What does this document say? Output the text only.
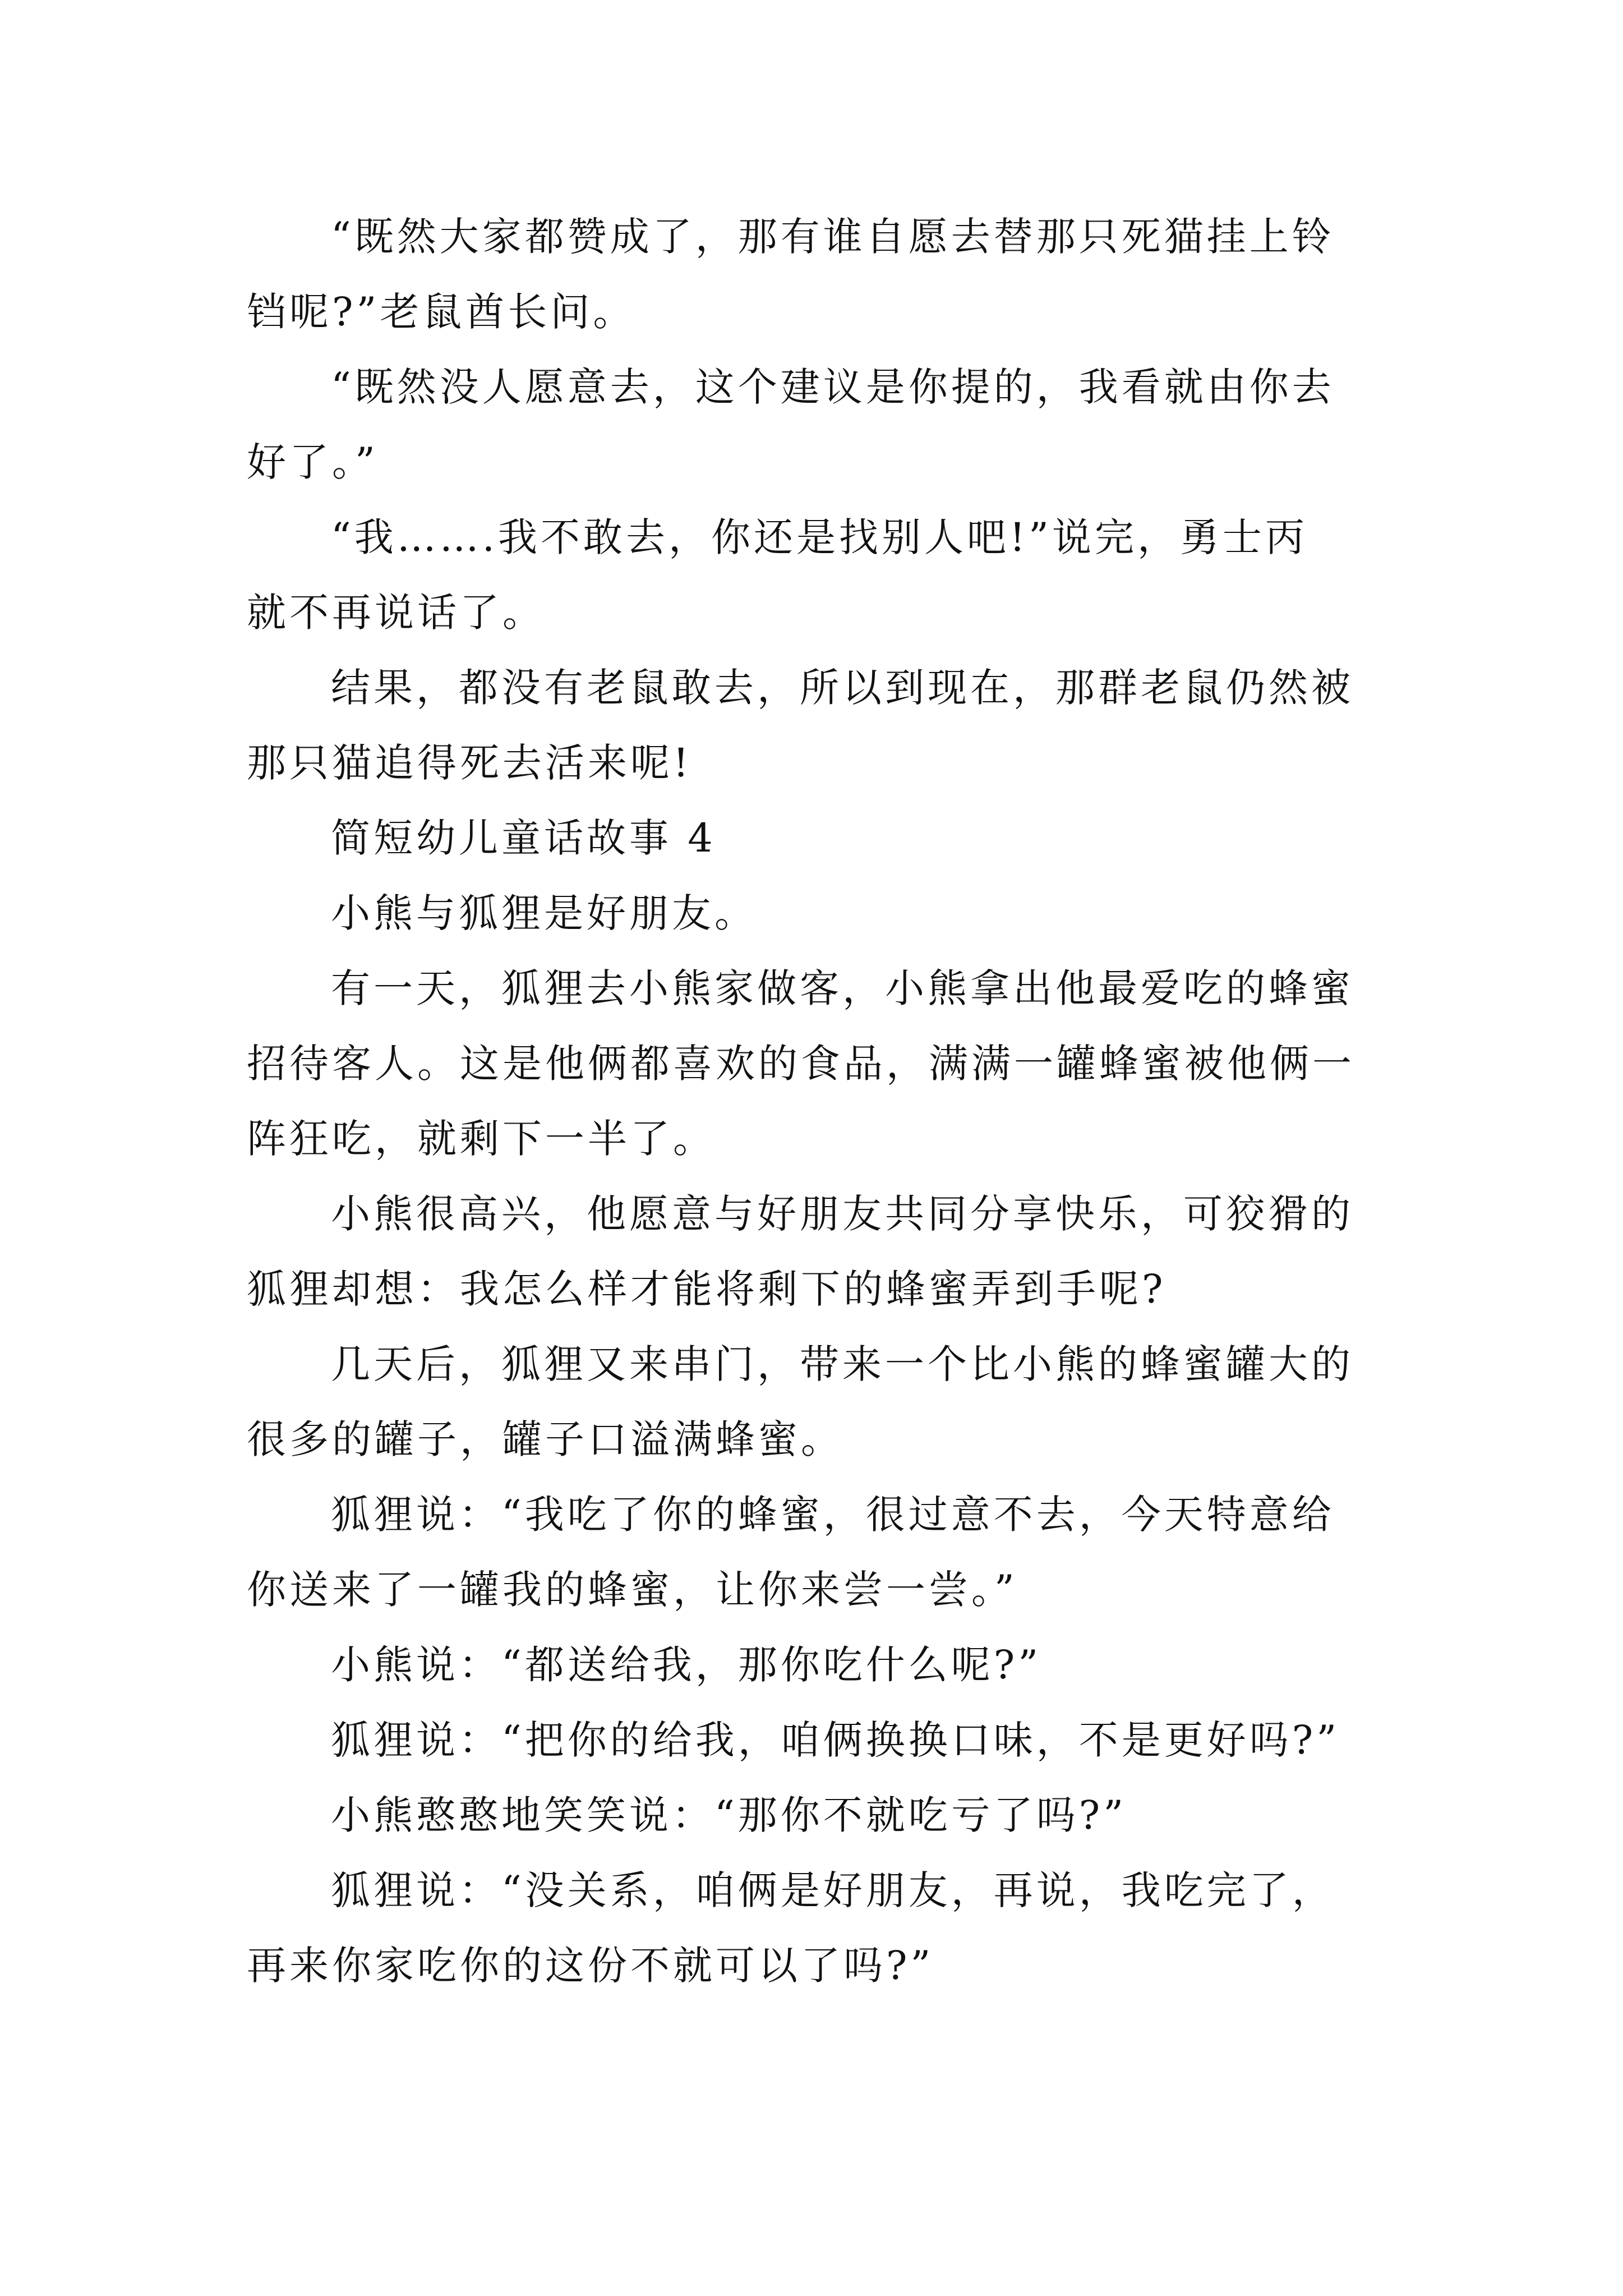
“既然大家都赞成了，那有谁自愿去替那只死猫挂上铃
铛呢?”老鼠酋长问。
“既然没人愿意去，这个建议是你提的，我看就由你去
好了。”
“我…….我不敢去，你还是找别人吧!”说完，勇士丙
就不再说话了。
结果，都没有老鼠敢去，所以到现在，那群老鼠仍然被
那只猫追得死去活来呢!
简短幼儿童话故事 4
小熊与狐狸是好朋友。
有一天，狐狸去小熊家做客，小熊拿出他最爱吃的蜂蜜
招待客人。这是他俩都喜欢的食品，满满一罐蜂蜜被他俩一
阵狂吃，就剩下一半了。
小熊很高兴，他愿意与好朋友共同分享快乐，可狡猾的
狐狸却想：我怎么样才能将剩下的蜂蜜弄到手呢?
几天后，狐狸又来串门，带来一个比小熊的蜂蜜罐大的
很多的罐子，罐子口溢满蜂蜜。
狐狸说：“我吃了你的蜂蜜，很过意不去，今天特意给
你送来了一罐我的蜂蜜，让你来尝一尝。”
小熊说：“都送给我，那你吃什么呢?”
狐狸说：“把你的给我，咱俩换换口味，不是更好吗?”
小熊憨憨地笑笑说：“那你不就吃亏了吗?”
狐狸说：“没关系，咱俩是好朋友，再说，我吃完了，
再来你家吃你的这份不就可以了吗?”
